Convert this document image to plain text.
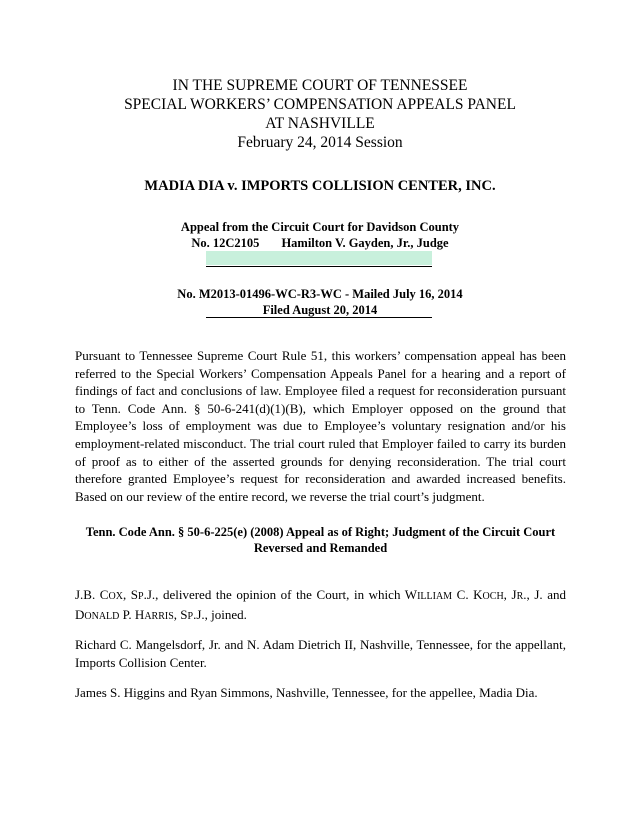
IN THE SUPREME COURT OF TENNESSEE
SPECIAL WORKERS’ COMPENSATION APPEALS PANEL
AT NASHVILLE
February 24, 2014 Session
MADIA DIA v. IMPORTS COLLISION CENTER, INC.
Appeal from the Circuit Court for Davidson County
No. 12C2105 Hamilton V. Gayden, Jr., Judge
No. M2013-01496-WC-R3-WC - Mailed July 16, 2014
Filed August 20, 2014
Pursuant to Tennessee Supreme Court Rule 51, this workers’ compensation appeal has been referred to the Special Workers’ Compensation Appeals Panel for a hearing and a report of findings of fact and conclusions of law. Employee filed a request for reconsideration pursuant to Tenn. Code Ann. § 50-6-241(d)(1)(B), which Employer opposed on the ground that Employee’s loss of employment was due to Employee’s voluntary resignation and/or his employment-related misconduct. The trial court ruled that Employer failed to carry its burden of proof as to either of the asserted grounds for denying reconsideration. The trial court therefore granted Employee’s request for reconsideration and awarded increased benefits. Based on our review of the entire record, we reverse the trial court’s judgment.
Tenn. Code Ann. § 50-6-225(e) (2008) Appeal as of Right; Judgment of the Circuit Court Reversed and Remanded
J.B. COX, SP.J., delivered the opinion of the Court, in which WILLIAM C. KOCH, JR., J. and DONALD P. HARRIS, SP.J., joined.
Richard C. Mangelsdorf, Jr. and N. Adam Dietrich II, Nashville, Tennessee, for the appellant, Imports Collision Center.
James S. Higgins and Ryan Simmons, Nashville, Tennessee, for the appellee, Madia Dia.
